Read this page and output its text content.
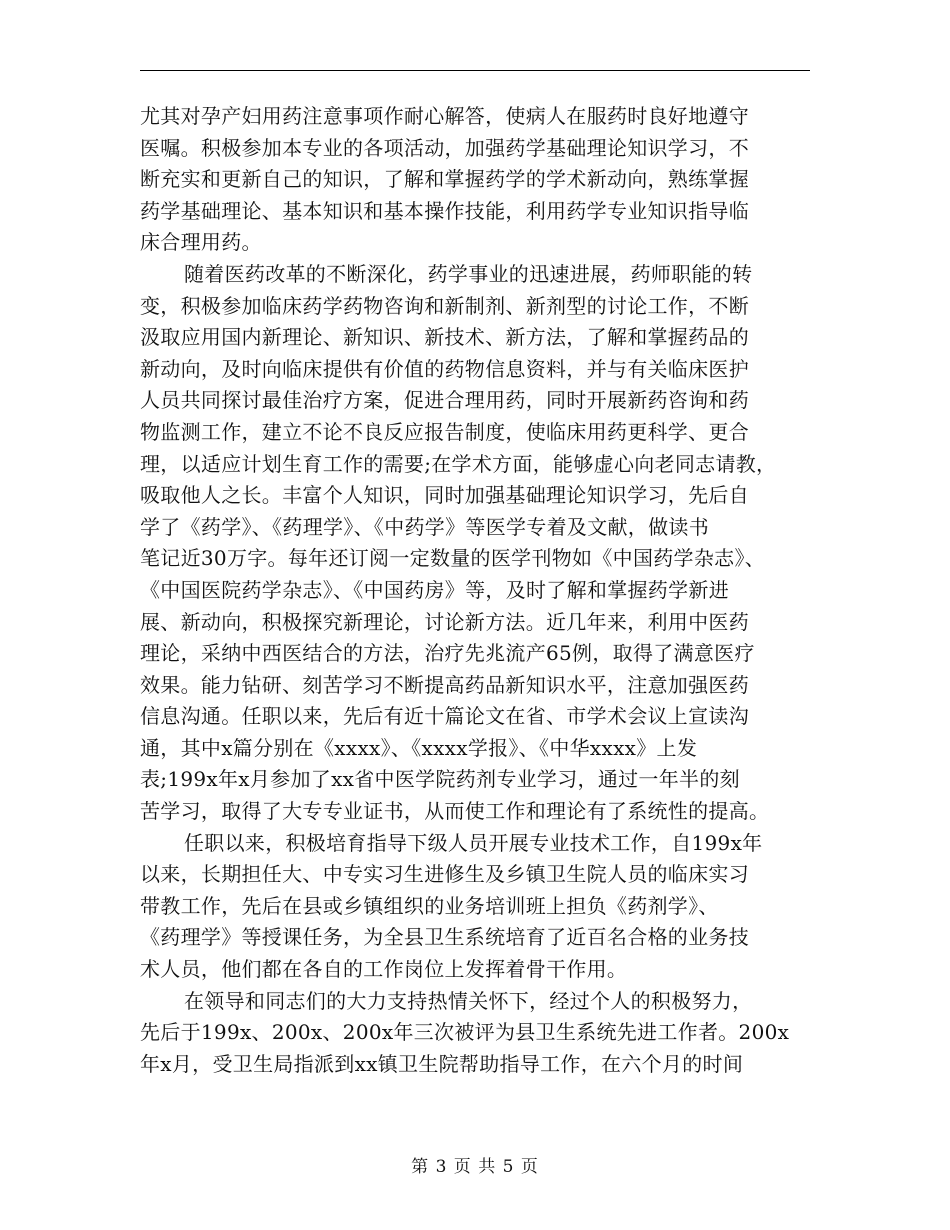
尤其对孕产妇用药注意事项作耐心解答，使病人在服药时良好地遵守
医嘱。积极参加本专业的各项活动，加强药学基础理论知识学习，不
断充实和更新自己的知识，了解和掌握药学的学术新动向，熟练掌握
药学基础理论、基本知识和基本操作技能，利用药学专业知识指导临
床合理用药。
随着医药改革的不断深化，药学事业的迅速进展，药师职能的转
变，积极参加临床药学药物咨询和新制剂、新剂型的讨论工作，不断
汲取应用国内新理论、新知识、新技术、新方法，了解和掌握药品的
新动向，及时向临床提供有价值的药物信息资料，并与有关临床医护
人员共同探讨最佳治疗方案，促进合理用药，同时开展新药咨询和药
物监测工作，建立不论不良反应报告制度，使临床用药更科学、更合
理，以适应计划生育工作的需要;在学术方面，能够虚心向老同志请教，
吸取他人之长。丰富个人知识，同时加强基础理论知识学习，先后自
学了《药学》、《药理学》、《中药学》等医学专着及文献，做读书
笔记近30万字。每年还订阅一定数量的医学刊物如《中国药学杂志》、
《中国医院药学杂志》、《中国药房》等，及时了解和掌握药学新进
展、新动向，积极探究新理论，讨论新方法。近几年来，利用中医药
理论，采纳中西医结合的方法，治疗先兆流产65例，取得了满意医疗
效果。能力钻研、刻苦学习不断提高药品新知识水平，注意加强医药
信息沟通。任职以来，先后有近十篇论文在省、市学术会议上宣读沟
通，其中x篇分别在《xxxx》、《xxxx学报》、《中华xxxx》上发
表;199x年x月参加了xx省中医学院药剂专业学习，通过一年半的刻
苦学习，取得了大专专业证书，从而使工作和理论有了系统性的提高。
任职以来，积极培育指导下级人员开展专业技术工作，自199x年
以来，长期担任大、中专实习生进修生及乡镇卫生院人员的临床实习
带教工作，先后在县或乡镇组织的业务培训班上担负《药剂学》、
《药理学》等授课任务，为全县卫生系统培育了近百名合格的业务技
术人员，他们都在各自的工作岗位上发挥着骨干作用。
在领导和同志们的大力支持热情关怀下，经过个人的积极努力，
先后于199x、200x、200x年三次被评为县卫生系统先进工作者。200x
年x月，受卫生局指派到xx镇卫生院帮助指导工作，在六个月的时间
第 3 页 共 5 页
